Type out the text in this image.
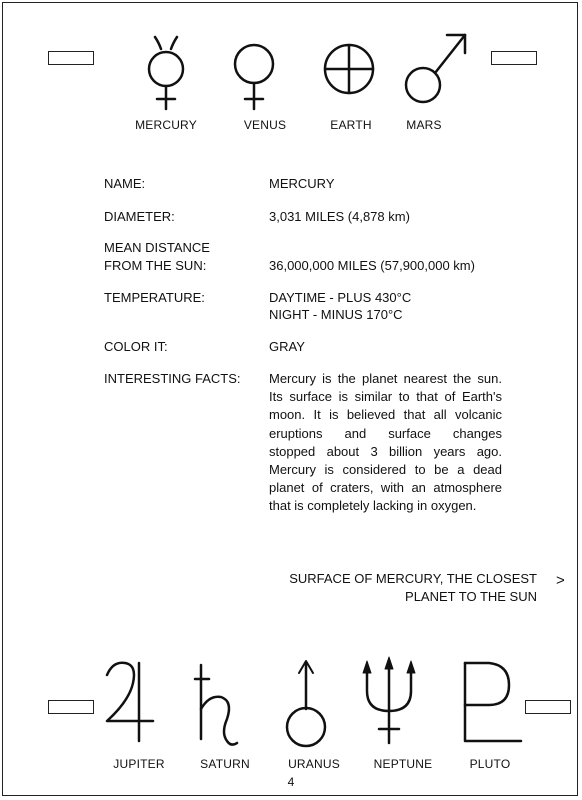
MERCURY	VENUS	EARTH	MARS
NAME:	MERCURY
DIAMETER:	3,031 MILES (4,878 km)
MEAN DISTANCE
FROM THE SUN:	36,000,000 MILES (57,900,000 km)
TEMPERATURE:	DAYTIME - PLUS 430°C
NIGHT - MINUS 170°C
COLOR IT:	GRAY
INTERESTING FACTS: Mercury is the planet nearest the sun.
Its surface is similar to that of Earth's
moon. It is believed that all volcanic
eruptions and surface changes
stopped about 3 billion years ago.
Mercury is considered to be a dead
planet of craters, with an atmosphere
that is completely lacking in oxygen.
SURFACE OF MERCURY, THE CLOSEST
PLANET TO THE SUN
>
JUPITER	SATURN	URANUS	NEPTUNE	PLUTO
4
